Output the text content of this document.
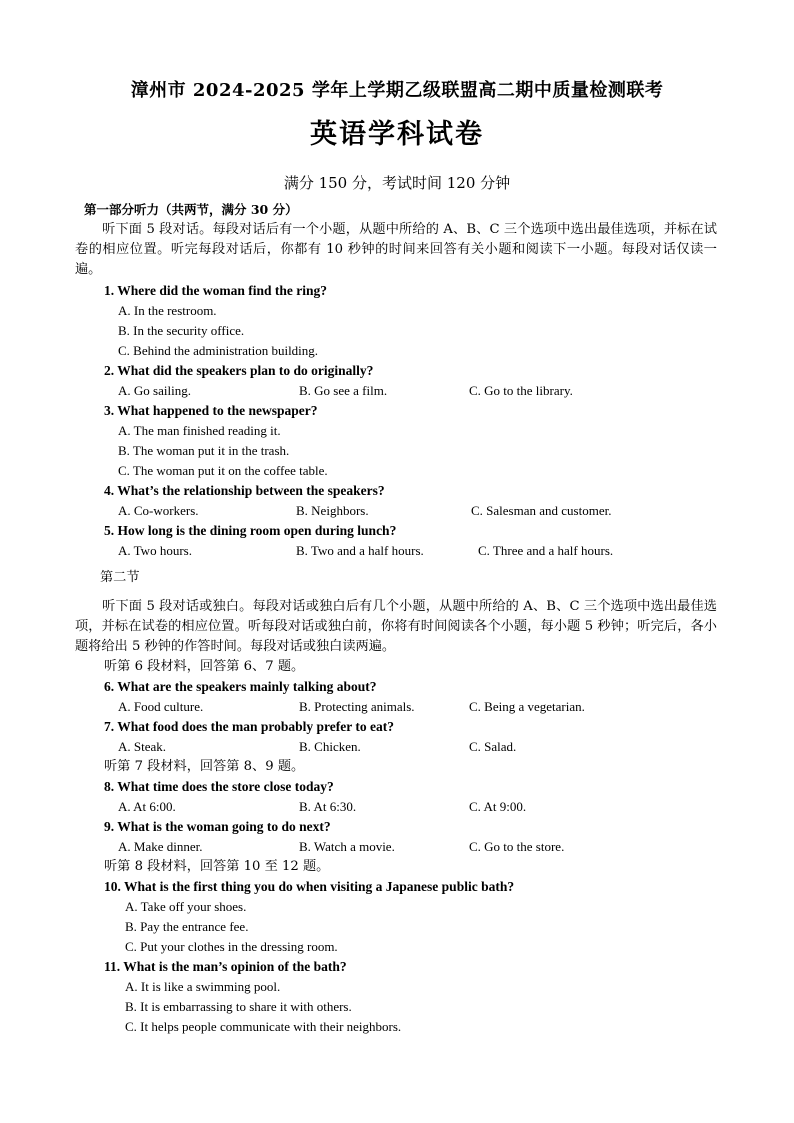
漳州市 2024-2025 学年上学期乙级联盟高二期中质量检测联考
英语学科试卷
满分 150 分，考试时间 120 分钟
第一部分听力（共两节，满分 30 分）
听下面 5 段对话。每段对话后有一个小题，从题中所给的 A、B、C 三个选项中选出最佳选项，并标在试卷的相应位置。听完每段对话后，你都有 10 秒钟的时间来回答有关小题和阅读下一小题。每段对话仅读一遍。
1. Where did the woman find the ring?
A. In the restroom.
B. In the security office.
C. Behind the administration building.
2. What did the speakers plan to do originally?
A. Go sailing.	B. Go see a film.	C. Go to the library.
3. What happened to the newspaper?
A. The man finished reading it.
B. The woman put it in the trash.
C. The woman put it on the coffee table.
4. What’s the relationship between the speakers?
A. Co-workers.	B. Neighbors.	C. Salesman and customer.
5. How long is the dining room open during lunch?
A. Two hours.	B. Two and a half hours.	C. Three and a half hours.
第二节
听下面 5 段对话或独白。每段对话或独白后有几个小题，从题中所给的 A、B、C 三个选项中选出最佳选项，并标在试卷的相应位置。听每段对话或独白前，你将有时间阅读各个小题，每小题 5 秒钟；听完后，各小题将给出 5 秒钟的作答时间。每段对话或独白读两遍。
听第 6 段材料，回答第 6、7 题。
6. What are the speakers mainly talking about?
A. Food culture.	B. Protecting animals.	C. Being a vegetarian.
7. What food does the man probably prefer to eat?
A. Steak.	B. Chicken.	C. Salad.
听第 7 段材料，回答第 8、9 题。
8. What time does the store close today?
A. At 6:00.	B. At 6:30.	C. At 9:00.
9. What is the woman going to do next?
A. Make dinner.	B. Watch a movie.	C. Go to the store.
听第 8 段材料，回答第 10 至 12 题。
10. What is the first thing you do when visiting a Japanese public bath?
A. Take off your shoes.
B. Pay the entrance fee.
C. Put your clothes in the dressing room.
11. What is the man’s opinion of the bath?
A. It is like a swimming pool.
B. It is embarrassing to share it with others.
C. It helps people communicate with their neighbors.
